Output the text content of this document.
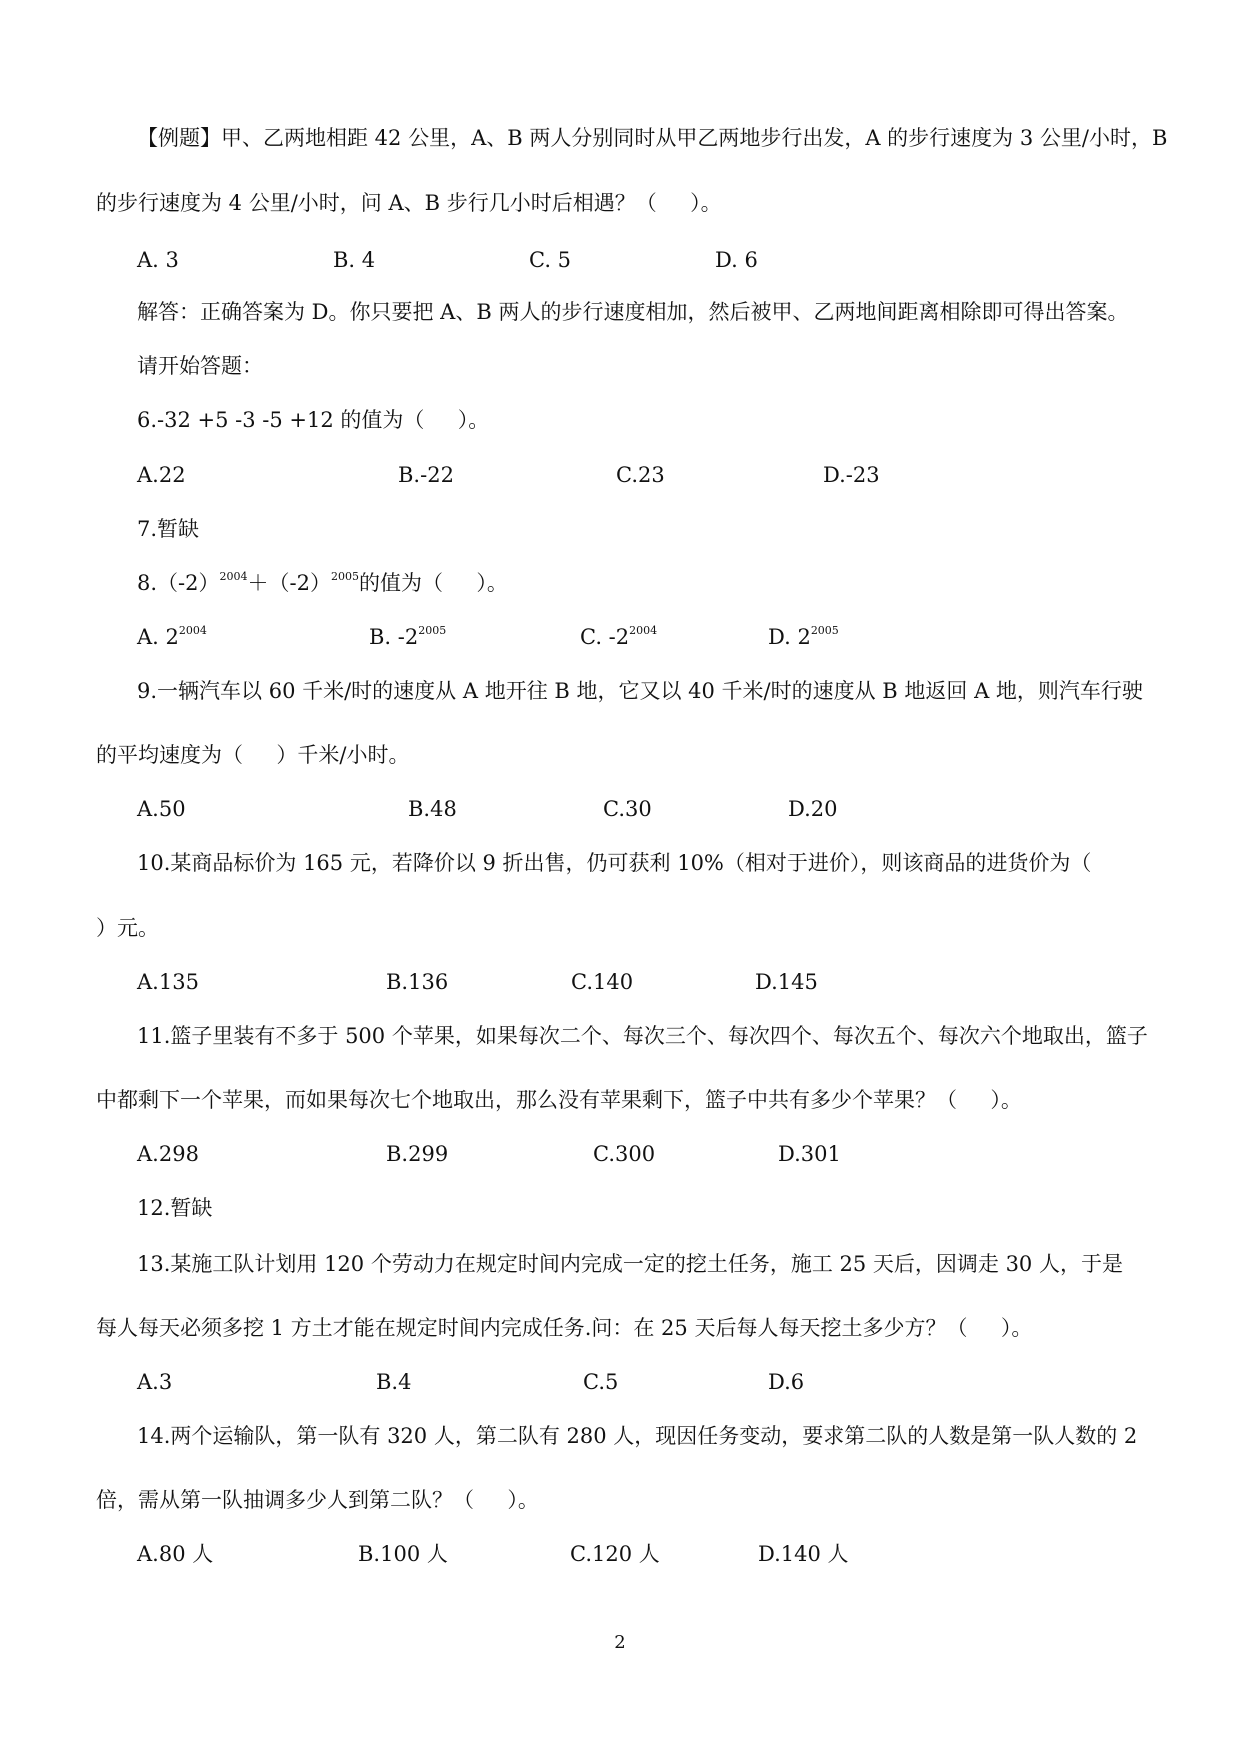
【例题】甲、乙两地相距 42 公里，A、B 两人分别同时从甲乙两地步行出发，A 的步行速度为 3 公里/小时，B
的步行速度为 4 公里/小时，问 A、B 步行几小时后相遇？（     ）。
A. 3	B. 4	C. 5	D. 6
解答：正确答案为 D。你只要把 A、B 两人的步行速度相加，然后被甲、乙两地间距离相除即可得出答案。
请开始答题：
6.-32 +5 -3 -5 +12 的值为（     ）。
A.22	B.-22	C.23	D.-23
7.暂缺
$8.(-2)^{2004}+(-2)^{2005}$的值为（     ）。
A. $2^{2004}$	B. $-2^{2005}$	C. $-2^{2004}$	D. $2^{2005}$
9.一辆汽车以 60 千米/时的速度从 A 地开往 B 地，它又以 40 千米/时的速度从 B 地返回 A 地，则汽车行驶
的平均速度为（     ）千米/小时。
A.50	B.48	C.30	D.20
10.某商品标价为 165 元，若降价以 9 折出售，仍可获利 10%（相对于进价），则该商品的进货价为（
）元。
A.135	B.136	C.140	D.145
11.篮子里装有不多于 500 个苹果，如果每次二个、每次三个、每次四个、每次五个、每次六个地取出，篮子
中都剩下一个苹果，而如果每次七个地取出，那么没有苹果剩下，篮子中共有多少个苹果？（     ）。
A.298	B.299	C.300	D.301
12.暂缺
13.某施工队计划用 120 个劳动力在规定时间内完成一定的挖土任务，施工 25 天后，因调走 30 人，于是
每人每天必须多挖 1 方土才能在规定时间内完成任务.问：在 25 天后每人每天挖土多少方？（     ）。
A.3	B.4	C.5	D.6
14.两个运输队，第一队有 320 人，第二队有 280 人，现因任务变动，要求第二队的人数是第一队人数的 2
倍，需从第一队抽调多少人到第二队？（     ）。
A.80 人	B.100 人	C.120 人	D.140 人
2
